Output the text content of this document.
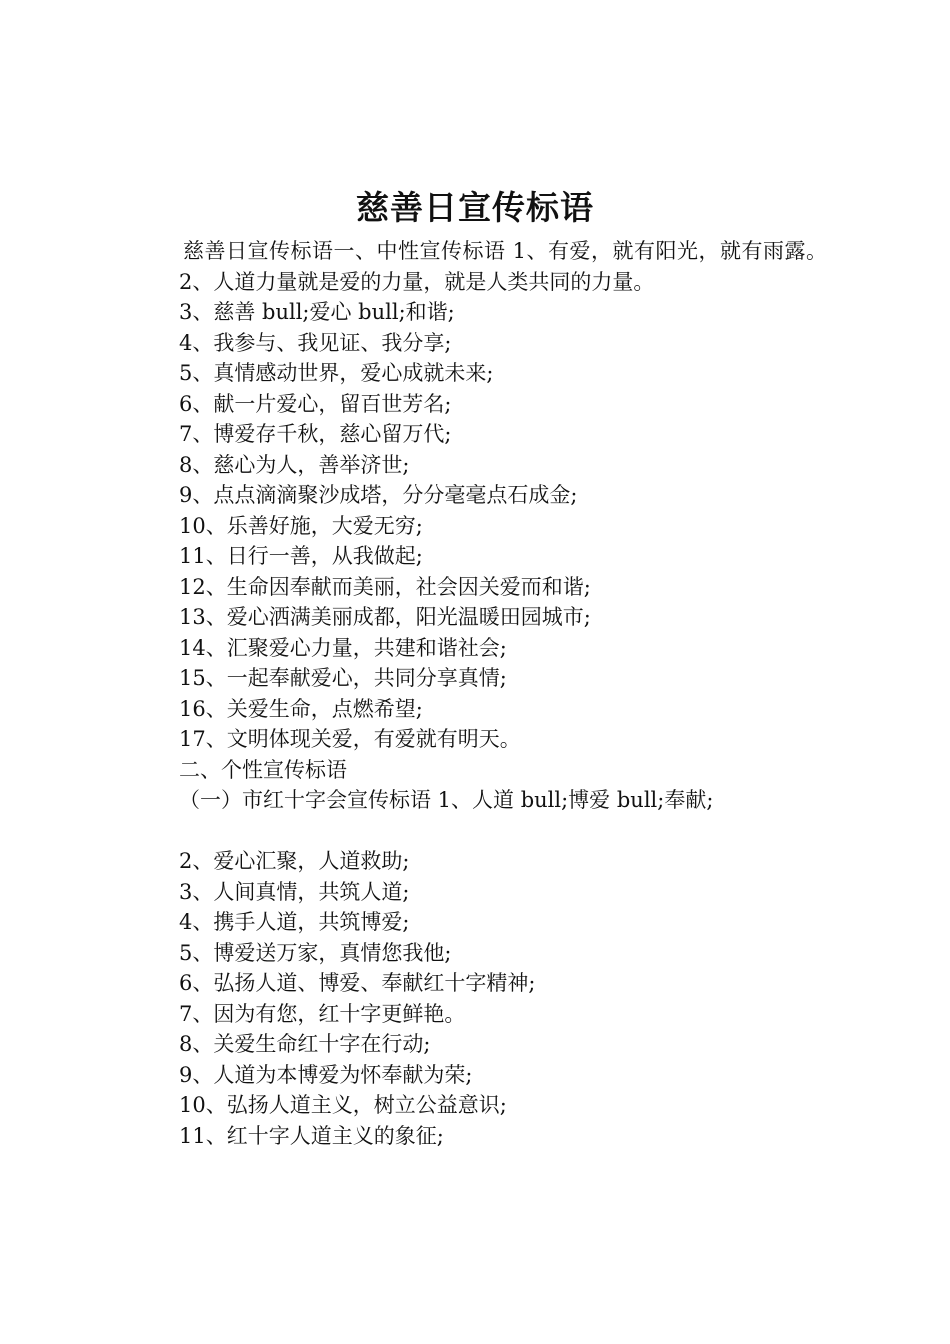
慈善日宣传标语

慈善日宣传标语一、中性宣传标语 1、有爱，就有阳光，就有雨露。

2、人道力量就是爱的力量，就是人类共同的力量。

3、慈善 bull;爱心 bull;和谐;

4、我参与、我见证、我分享;

5、真情感动世界，爱心成就未来;

6、献一片爱心，留百世芳名;

7、博爱存千秋，慈心留万代;

8、慈心为人，善举济世;

9、点点滴滴聚沙成塔，分分毫毫点石成金;

10、乐善好施，大爱无穷;

11、日行一善，从我做起;

12、生命因奉献而美丽，社会因关爱而和谐;

13、爱心洒满美丽成都，阳光温暖田园城市;

14、汇聚爱心力量，共建和谐社会;

15、一起奉献爱心，共同分享真情;

16、关爱生命，点燃希望;

17、文明体现关爱，有爱就有明天。

二、个性宣传标语

（一）市红十字会宣传标语 1、人道 bull;博爱 bull;奉献;

2、爱心汇聚，人道救助;

3、人间真情，共筑人道;

4、携手人道，共筑博爱;

5、博爱送万家，真情您我他;

6、弘扬人道、博爱、奉献红十字精神;

7、因为有您，红十字更鲜艳。

8、关爱生命红十字在行动;

9、人道为本博爱为怀奉献为荣;

10、弘扬人道主义，树立公益意识;

11、红十字人道主义的象征;
